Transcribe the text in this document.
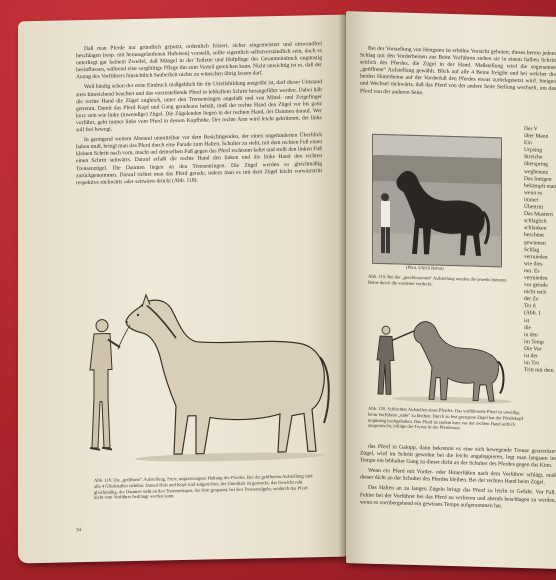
Daß man Pferde nur gründlich geputzt, ordentlich frisiert, sicher eingemeistert und einwandfrei beschlagen (resp. mit herausgelaufenen Hufeisen) vorstellt, sollte eigentlich selbstverständlich sein, doch es unterliegt gar keinem Zweifel, daß Mängel in der Toilette und Hufpflege des Gesamteindruck ungünstig beeinflussen, während eine sorgfältige Pflege ihn zum Vorteil gereichen kann. Nicht unwichtig ist es, daß der Anzug des Vorführers hinsichtlich Sauberkeit nichts zu wünschen übrig lassen darf.

Weil häufig schon der erste Eindruck maßgeblich für die Urteilsbildung ausgeübt ist, darf dieser Umstand stets hinreichend beachtet und das vorzustellende Pferd in lebhaftem Schritt herangeführt werden. Dabei hält die rechte Hand die Zügel zugleich, unter den Trensenringen angefaßt und von Mittel- und Zeigefinger getrennt. Damit das Pferd Kopf und Gang geradeaus behält, muß der rechte Hand den Zügel vor bis ganz kurz sein wie linke (inwendige) Zügel. Die Zügelenden liegen in der rechten Hand, der Daumen darauf. Wer vorführt, geht immer links vom Pferd in dessen Kopfhöhe. Der rechte Arm wird leicht gekrümmt, der linke soll frei bewegt.

In genügend weitem Abstand unmittelbar vor dem Besichtigenden, der einen ungehinderten Überblick haben muß, bringt man das Pferd durch eine Parade zum Halten. Schulter zu steht, mit dem rechten Fuß einen kleinen Schritt nach vorn, macht auf demselben Fuß gegen das Pferd rechtsum kehrt und stellt den linken Fuß einen Schritt seitwärts. Darauf erfaßt die rechte Hand den linken und die linke Hand den rechten Trensenzügel. Die Daumen liegen an den Trensenringen. Die Zügel werden so gleichmäßig zurückgenommen. Darauf richtet man das Pferd gerade, indem man es mit dem Zügel leicht vorwärtstritt respektive rückwärts oder seitwärts drückt (Abb. 118).

Abb. 118. Die „geöffnete“ Aufstellung. Freie, ungezwungene Haltung des Pferdes. Bei der geöffneten Aufstellung sind alle 4 Gliedmaßen sichtbar. Darauf Hals und Kopf sind aufgerichtet, der Unterhals ist gestreckt, das Gewicht ruht gleichmäßig, der Daumen steht an den Trensenringen, der Arm gespannt, bei den Trensenzügeln, wodurch das Pferd nicht vom Vorführer bedrängt werden kann.
34

Bei der Vorstellung von Hengsten ist erhöhte Vorsicht geboten; dieses berein jedem Schlag mit den Vorderbeinen aus Beim Vorführen stehen sie in einem halben Schritt seitlich des Pferdes, die Zügel in der Hand. Maßstellung wird die sogenannte „geöffnete“ Aufstellung gewählt. Blick auf alle 4 Beine freigibt und bei welcher die beiden Hinterbeine auf der Vorderfuß den Pferdes etwas zurückgesetzt wird. Steigen und Wechsel rückwärts, daß das Pferd von der andere Seite Stellung wechselt, um das Pferd von der anderen Seite.

(Phot. Ulrich Behm)
Abb. 119. Bei der „geschlossenen“ Aufstellung werden die jeweils hinteren Beine durch die vorderen verdeckt.
Abb. 120. Schlechtes Aufstellen eines Pferdes. Das vorführende Pferd ist unwillig, beim Vorführen „rüde“ zu bleiben. Durch zu fest gezogene Zügel hat der Pferdekopf ungünstig hochgehalten. Das Pferd ist zudem kurz vor der rechten Hand seitlich ausgerutscht, infolge der Trense in der Pferdenase.

das Pferd in Galopp, dann bekommt es eine sich bewegende Trense gestreckter Zügel, wird im Schritt gewohnt bei die leicht angaloppieren, legt man langsam im Tempo ein lebhafter Gang zu dieser dicht an der Schulter des Pferdes gegen das Kinn.

Wenn ein Pferd mit Vorder- oder Hinterfüßen nach dem Vorführer schlägt, muß dieser dicht an der Schulter des Pferdes bleiben. Bei der rechten Hand beim Zügel.

Das Halten an zu langen Zügeln bringt das Pferd zu leicht in Gefahr. Vor Fall, Fehler bei der Vorführer bei das Pferd zu verlieren und abends beschlagen zu werden, wenn es vorübergehend ein gewisses Tempo aufgenommen hat.

Der V
über Mann
Ein
Urpsing
Streiche
überspring
wegbenutz
Das Imtigen
bekämpft man
wenn es immer
Übertritt
Das Mustern
schlaglich
schlanken
beschönt
gewinnen
Schlag
vermieden
wie dies
nur. Es
vermieden
vor gerade
nicht rech
der Ze
Ter d
(Abb. 1
ist
die
in den
im Temp
Die Vor
ist der
im Tro
Tritt mit dem
